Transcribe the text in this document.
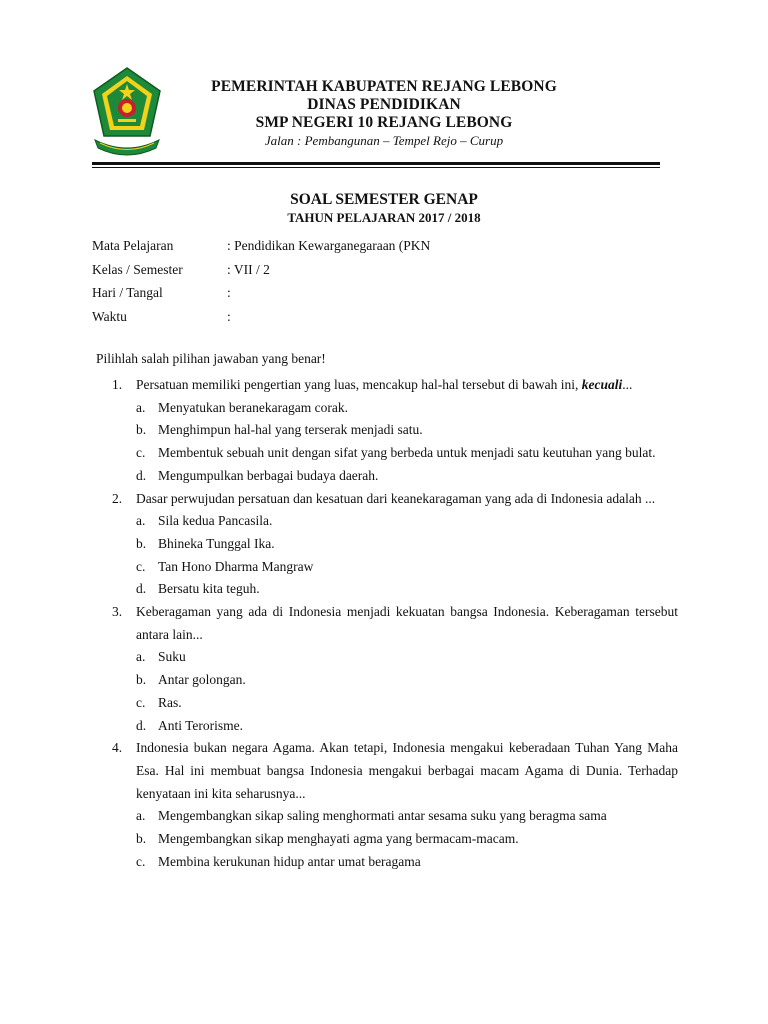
PEMERINTAH KABUPATEN REJANG LEBONG
DINAS PENDIDIKAN
SMP NEGERI 10 REJANG LEBONG
Jalan : Pembangunan – Tempel Rejo – Curup
SOAL SEMESTER GENAP
TAHUN PELAJARAN 2017 / 2018
Mata Pelajaran	: Pendidikan Kewarganegaraan (PKN
Kelas / Semester	: VII / 2
Hari / Tangal	:
Waktu	:
Pilihlah salah pilihan jawaban yang benar!
1. Persatuan memiliki pengertian yang luas, mencakup hal-hal tersebut di bawah ini, kecuali...
a. Menyatukan beranekaragam corak.
b. Menghimpun hal-hal yang terserak menjadi satu.
c. Membentuk sebuah unit dengan sifat yang berbeda untuk menjadi satu keutuhan yang bulat.
d. Mengumpulkan berbagai budaya daerah.
2. Dasar perwujudan persatuan dan kesatuan dari keanekaragaman yang ada di Indonesia adalah ...
a. Sila kedua Pancasila.
b. Bhineka Tunggal Ika.
c. Tan Hono Dharma Mangraw
d. Bersatu kita teguh.
3. Keberagaman yang ada di Indonesia menjadi kekuatan bangsa Indonesia. Keberagaman tersebut antara lain...
a. Suku
b. Antar golongan.
c. Ras.
d. Anti Terorisme.
4. Indonesia bukan negara Agama. Akan tetapi, Indonesia mengakui keberadaan Tuhan Yang Maha Esa. Hal ini membuat bangsa Indonesia mengakui berbagai macam Agama di Dunia. Terhadap kenyataan ini kita seharusnya...
a. Mengembangkan sikap saling menghormati antar sesama suku yang beragma sama
b. Mengembangkan sikap menghayati agma yang bermacam-macam.
c. Membina kerukunan hidup antar umat beragama
